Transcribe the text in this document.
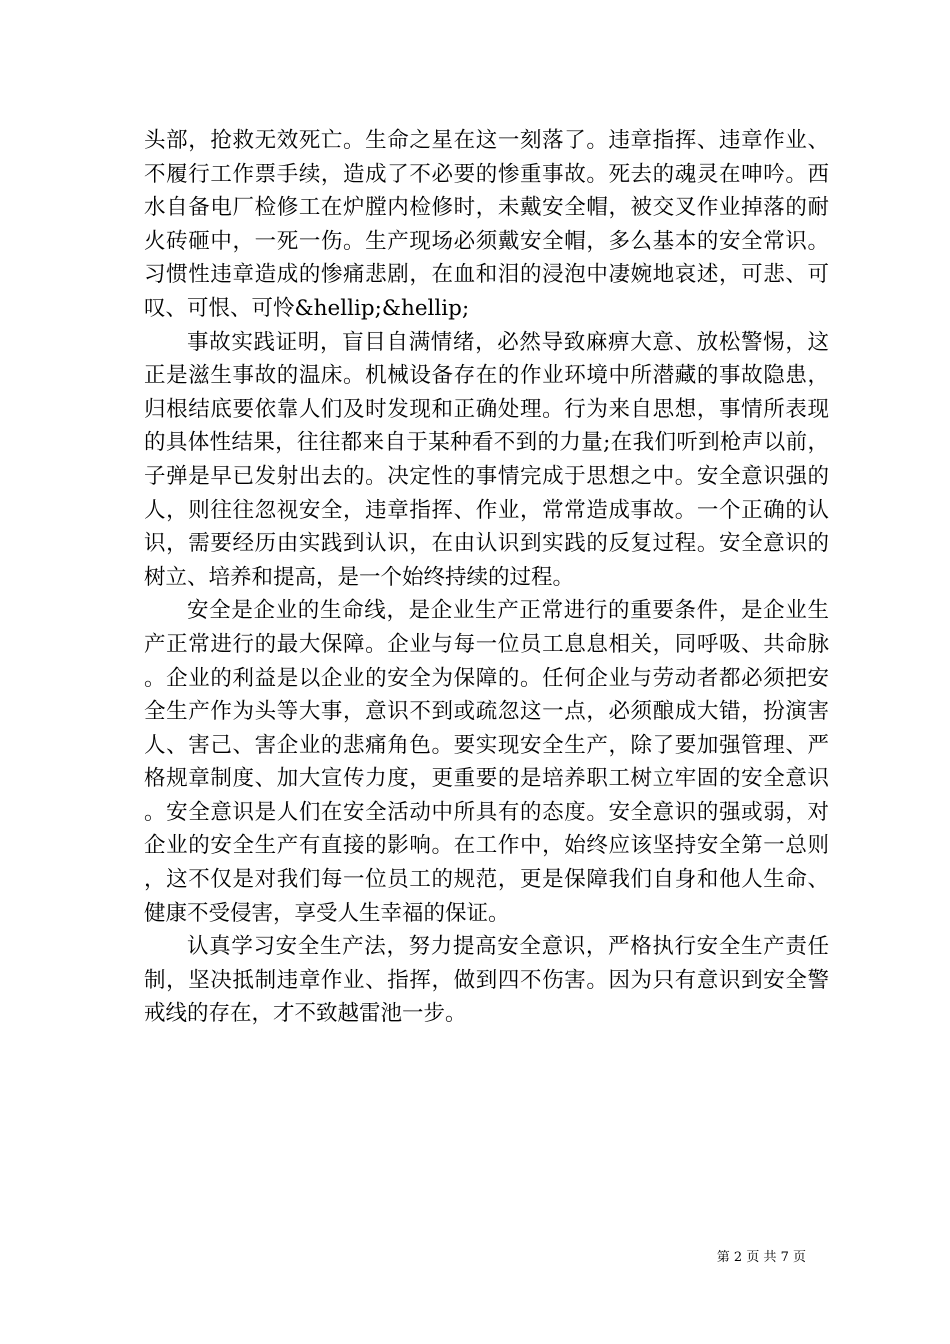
头部，抢救无效死亡。生命之星在这一刻落了。违章指挥、违章作业、不履行工作票手续，造成了不必要的惨重事故。死去的魂灵在呻吟。西水自备电厂检修工在炉膛内检修时，未戴安全帽，被交叉作业掉落的耐火砖砸中，一死一伤。生产现场必须戴安全帽，多么基本的安全常识。习惯性违章造成的惨痛悲剧，在血和泪的浸泡中凄婉地哀述，可悲、可叹、可恨、可怜&hellip;&hellip;

事故实践证明，盲目自满情绪，必然导致麻痹大意、放松警惕，这正是滋生事故的温床。机械设备存在的作业环境中所潜藏的事故隐患，归根结底要依靠人们及时发现和正确处理。行为来自思想，事情所表现的具体性结果，往往都来自于某种看不到的力量;在我们听到枪声以前，子弹是早已发射出去的。决定性的事情完成于思想之中。安全意识强的人，则往往忽视安全，违章指挥、作业，常常造成事故。一个正确的认识，需要经历由实践到认识，在由认识到实践的反复过程。安全意识的树立、培养和提高，是一个始终持续的过程。

安全是企业的生命线，是企业生产正常进行的重要条件，是企业生产正常进行的最大保障。企业与每一位员工息息相关，同呼吸、共命脉。企业的利益是以企业的安全为保障的。任何企业与劳动者都必须把安全生产作为头等大事，意识不到或疏忽这一点，必须酿成大错，扮演害人、害己、害企业的悲痛角色。要实现安全生产，除了要加强管理、严格规章制度、加大宣传力度，更重要的是培养职工树立牢固的安全意识。安全意识是人们在安全活动中所具有的态度。安全意识的强或弱，对企业的安全生产有直接的影响。在工作中，始终应该坚持安全第一总则，这不仅是对我们每一位员工的规范，更是保障我们自身和他人生命、健康不受侵害，享受人生幸福的保证。

认真学习安全生产法，努力提高安全意识，严格执行安全生产责任制，坚决抵制违章作业、指挥，做到四不伤害。因为只有意识到安全警戒线的存在，才不致越雷池一步。

第 2 页 共 7 页
